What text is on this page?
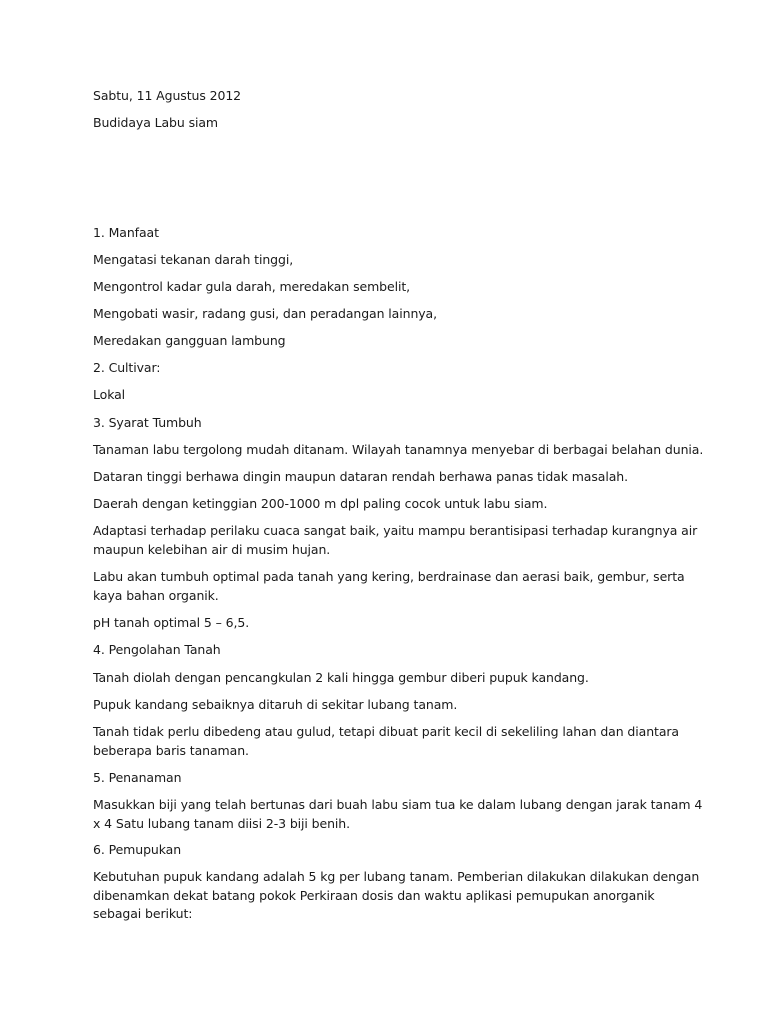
Sabtu, 11 Agustus 2012

Budidaya Labu siam

1. Manfaat

Mengatasi tekanan darah tinggi,

Mengontrol kadar gula darah, meredakan sembelit,

Mengobati wasir, radang gusi, dan peradangan lainnya,

Meredakan gangguan lambung

2. Cultivar:

Lokal

3. Syarat Tumbuh

Tanaman labu tergolong mudah ditanam. Wilayah tanamnya menyebar di berbagai belahan dunia.

Dataran tinggi berhawa dingin maupun dataran rendah berhawa panas tidak masalah.

Daerah dengan ketinggian 200-1000 m dpl paling cocok untuk labu siam.

Adaptasi terhadap perilaku cuaca sangat baik, yaitu mampu berantisipasi terhadap kurangnya air maupun kelebihan air di musim hujan.

Labu akan tumbuh optimal pada tanah yang kering, berdrainase dan aerasi baik, gembur, serta kaya bahan organik.

pH tanah optimal 5 – 6,5.

4. Pengolahan Tanah

Tanah diolah dengan pencangkulan 2 kali hingga gembur diberi pupuk kandang.

Pupuk kandang sebaiknya ditaruh di sekitar lubang tanam.

Tanah tidak perlu dibedeng atau gulud, tetapi dibuat parit kecil di sekeliling lahan dan diantara beberapa baris tanaman.

5. Penanaman

Masukkan biji yang telah bertunas dari buah labu siam tua ke dalam lubang dengan jarak tanam 4 x 4 Satu lubang tanam diisi 2-3 biji benih.

6. Pemupukan

Kebutuhan pupuk kandang adalah 5 kg per lubang tanam. Pemberian dilakukan dilakukan dengan dibenamkan dekat batang pokok Perkiraan dosis dan waktu aplikasi pemupukan anorganik sebagai berikut:
